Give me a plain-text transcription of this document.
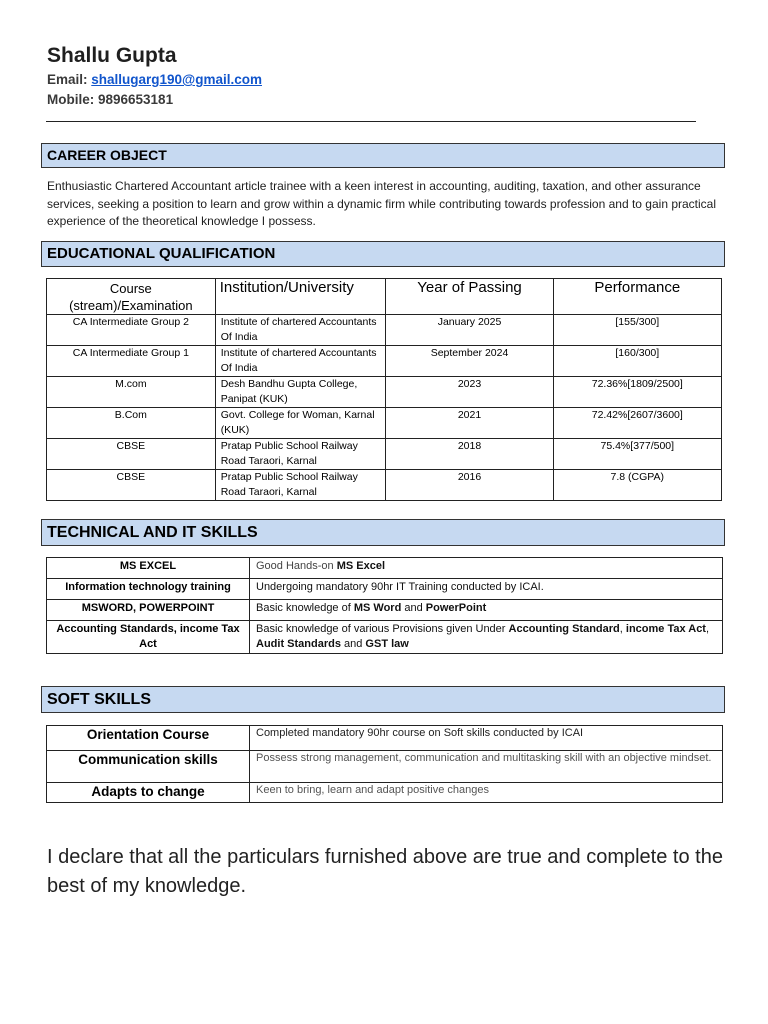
Shallu Gupta
Email: shallugarg190@gmail.com
Mobile: 9896653181
CAREER OBJECT
Enthusiastic Chartered Accountant article trainee with a keen interest in accounting, auditing, taxation, and other assurance services, seeking a position to learn and grow within a dynamic firm while contributing towards profession and to gain practical experience of the theoretical knowledge I possess.
EDUCATIONAL QUALIFICATION
Course (stream)/Examination	Institution/University	Year of Passing	Performance
CA Intermediate Group 2	Institute of chartered Accountants Of India	January 2025	[155/300]
CA Intermediate Group 1	Institute of chartered Accountants Of India	September 2024	[160/300]
M.com	Desh Bandhu Gupta College, Panipat (KUK)	2023	72.36%[1809/2500]
B.Com	Govt. College for Woman, Karnal (KUK)	2021	72.42%[2607/3600]
CBSE	Pratap Public School Railway Road Taraori, Karnal	2018	75.4%[377/500]
CBSE	Pratap Public School Railway Road Taraori, Karnal	2016	7.8 (CGPA)
TECHNICAL AND IT SKILLS
MS EXCEL	Good Hands-on MS Excel
Information technology training	Undergoing mandatory 90hr IT Training conducted by ICAI.
MSWORD, POWERPOINT	Basic knowledge of MS Word and PowerPoint
Accounting Standards, income Tax Act	Basic knowledge of various Provisions given Under Accounting Standard, income Tax Act, Audit Standards and GST law
SOFT SKILLS
Orientation Course	Completed mandatory 90hr course on Soft skills conducted by ICAI
Communication skills	Possess strong management, communication and multitasking skill with an objective mindset.
Adapts to change	Keen to bring, learn and adapt positive changes
I declare that all the particulars furnished above are true and complete to the best of my knowledge.
